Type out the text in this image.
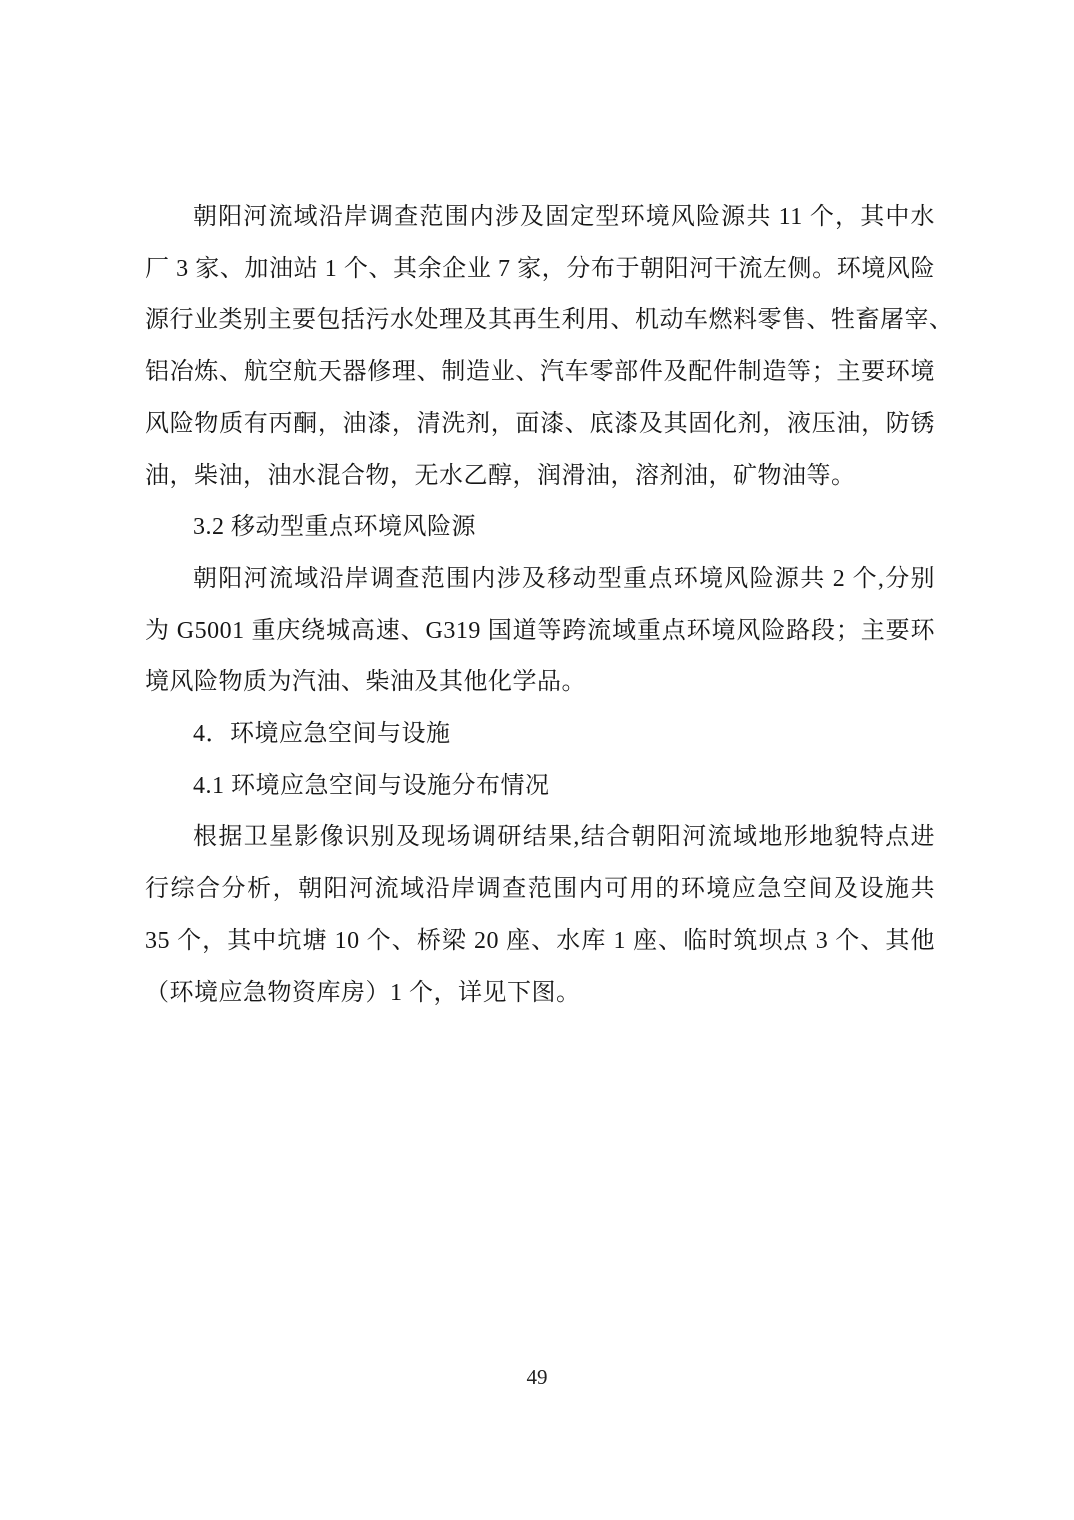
朝阳河流域沿岸调查范围内涉及固定型环境风险源共 11 个，其中水
厂 3 家、加油站 1 个、其余企业 7 家，分布于朝阳河干流左侧。环境风险
源行业类别主要包括污水处理及其再生利用、机动车燃料零售、牲畜屠宰、
铝冶炼、航空航天器修理、制造业、汽车零部件及配件制造等；主要环境
风险物质有丙酮，油漆，清洗剂，面漆、底漆及其固化剂，液压油，防锈
油，柴油，油水混合物，无水乙醇，润滑油，溶剂油，矿物油等。
3.2 移动型重点环境风险源
朝阳河流域沿岸调查范围内涉及移动型重点环境风险源共 2 个,分别
为 G5001 重庆绕城高速、G319 国道等跨流域重点环境风险路段；主要环
境风险物质为汽油、柴油及其他化学品。
4．环境应急空间与设施
4.1 环境应急空间与设施分布情况
根据卫星影像识别及现场调研结果,结合朝阳河流域地形地貌特点进
行综合分析，朝阳河流域沿岸调查范围内可用的环境应急空间及设施共
35 个，其中坑塘 10 个、桥梁 20 座、水库 1 座、临时筑坝点 3 个、其他
（环境应急物资库房）1 个，详见下图。
49
